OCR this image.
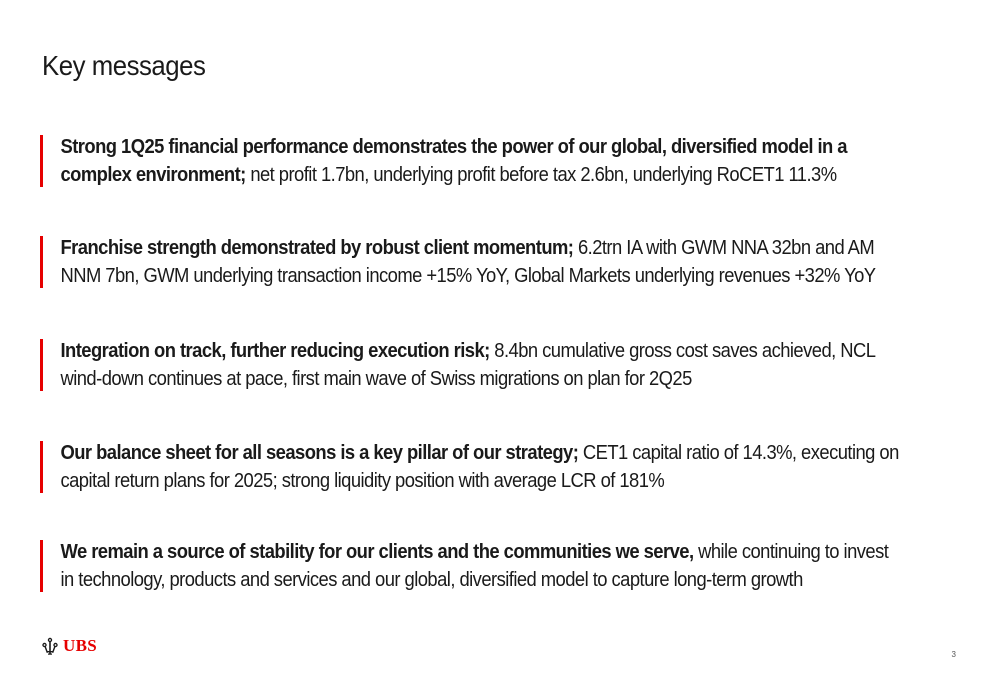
Key messages
Strong 1Q25 financial performance demonstrates the power of our global, diversified model in a complex environment; net profit 1.7bn, underlying profit before tax 2.6bn, underlying RoCET1 11.3%
Franchise strength demonstrated by robust client momentum; 6.2trn IA with GWM NNA 32bn and AM NNM 7bn, GWM underlying transaction income +15% YoY, Global Markets underlying revenues +32% YoY
Integration on track, further reducing execution risk; 8.4bn cumulative gross cost saves achieved, NCL wind-down continues at pace, first main wave of Swiss migrations on plan for 2Q25
Our balance sheet for all seasons is a key pillar of our strategy; CET1 capital ratio of 14.3%, executing on capital return plans for 2025; strong liquidity position with average LCR of 181%
We remain a source of stability for our clients and the communities we serve, while continuing to invest in technology, products and services and our global, diversified model to capture long-term growth
UBS	3
